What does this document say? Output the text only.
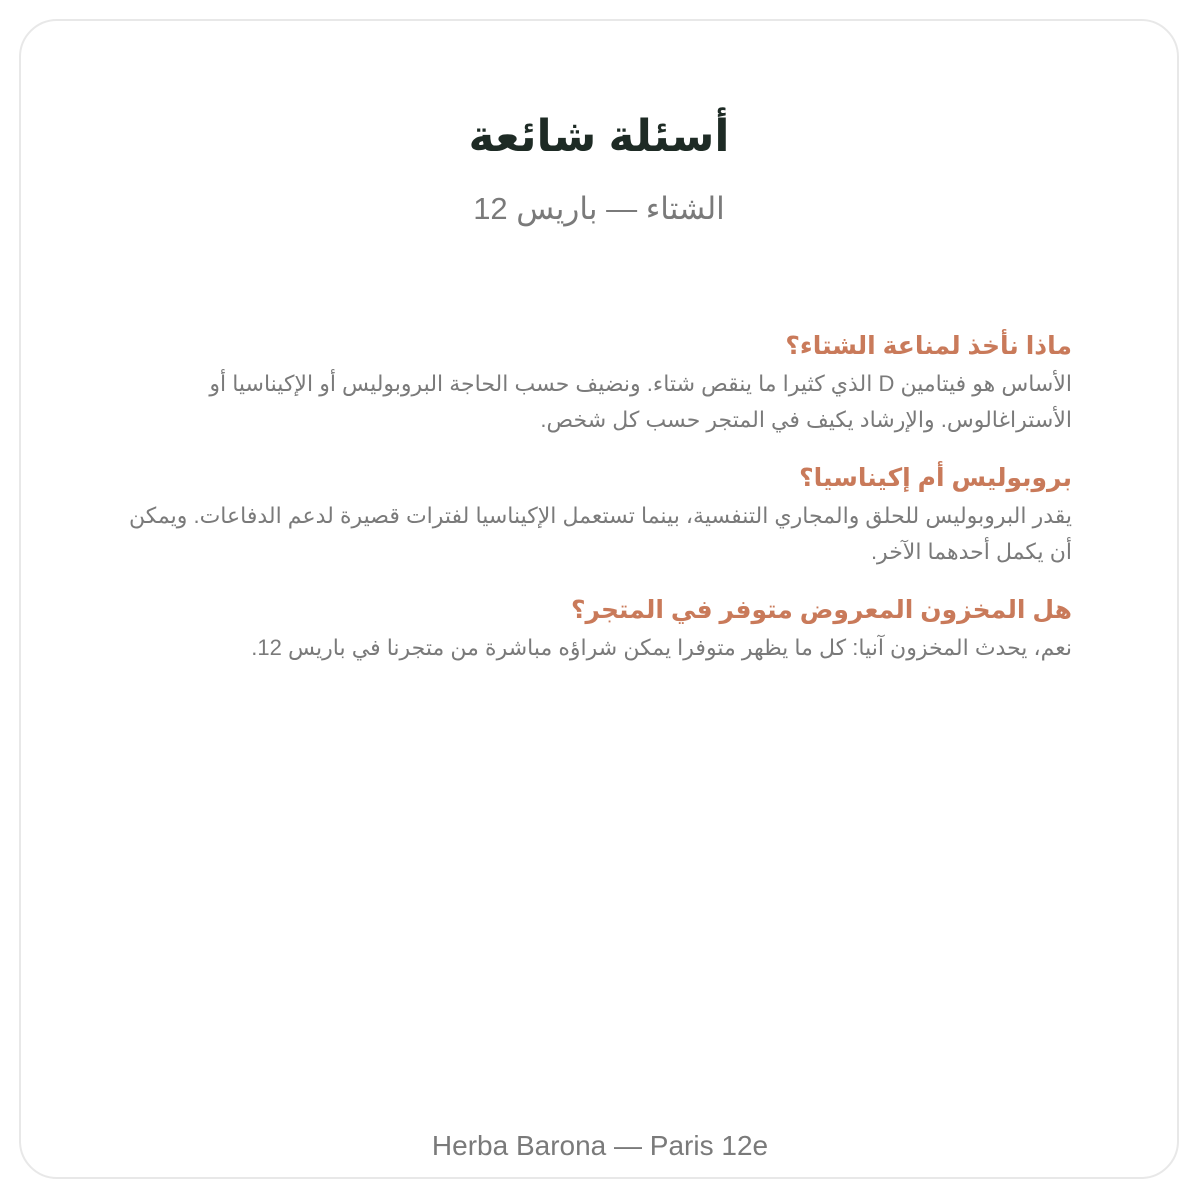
أسئلة شائعة
الشتاء — باريس 12
ماذا نأخذ لمناعة الشتاء؟

الأساس هو فيتامين D الذي كثيرا ما ينقص شتاء. ونضيف حسب الحاجة البروبوليس أو الإكيناسيا أو الأستراغالوس. والإرشاد يكيف في المتجر حسب كل شخص.

بروبوليس أم إكيناسيا؟

يقدر البروبوليس للحلق والمجاري التنفسية، بينما تستعمل الإكيناسيا لفترات قصيرة لدعم الدفاعات. ويمكن أن يكمل أحدهما الآخر.

هل المخزون المعروض متوفر في المتجر؟

نعم، يحدث المخزون آنيا: كل ما يظهر متوفرا يمكن شراؤه مباشرة من متجرنا في باريس 12.

Herba Barona — Paris 12e
